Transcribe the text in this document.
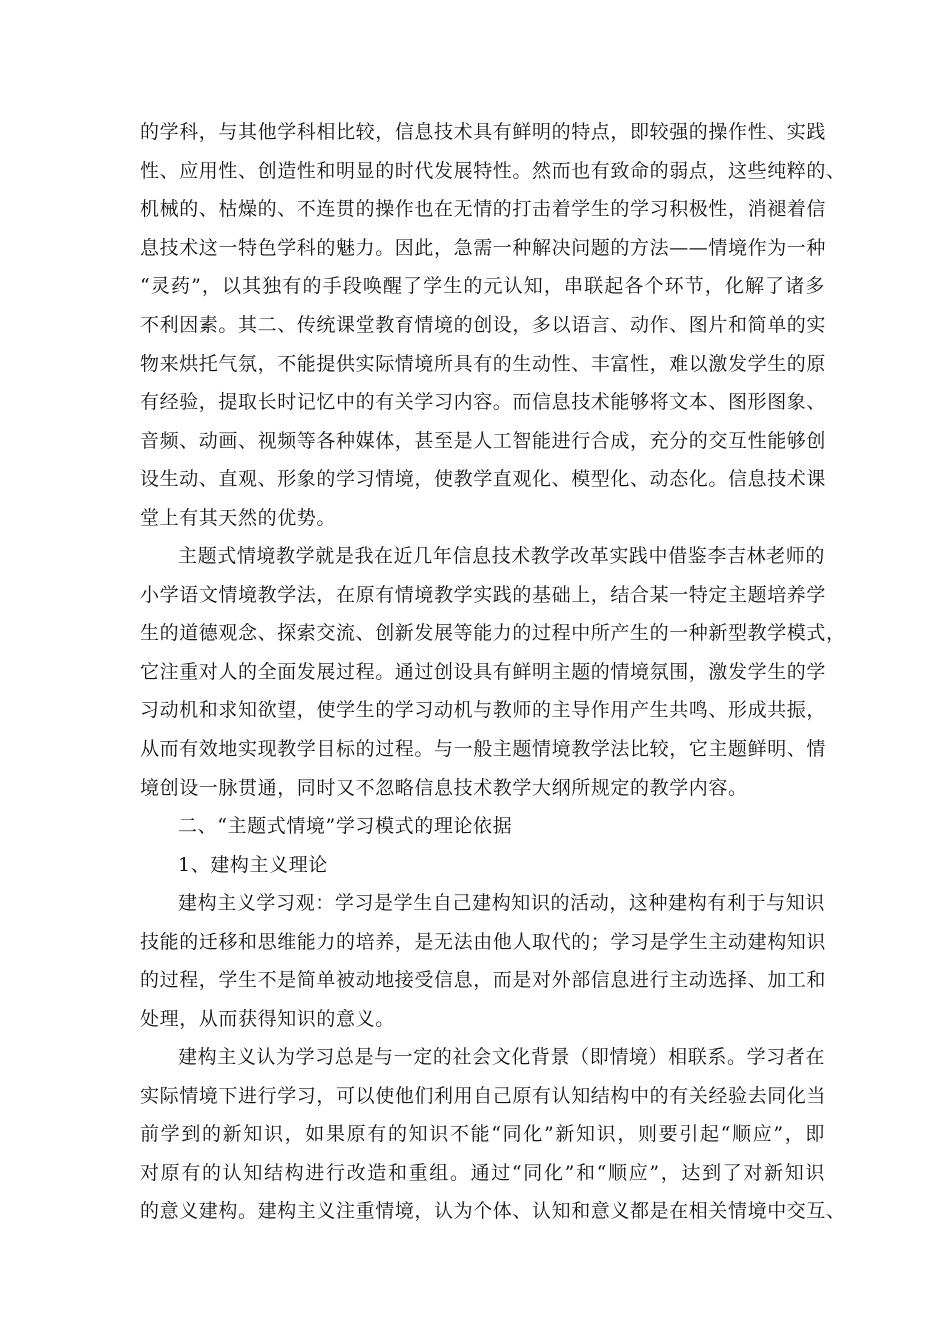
的学科，与其他学科相比较，信息技术具有鲜明的特点，即较强的操作性、实践
性、应用性、创造性和明显的时代发展特性。然而也有致命的弱点，这些纯粹的、
机械的、枯燥的、不连贯的操作也在无情的打击着学生的学习积极性，消褪着信
息技术这一特色学科的魅力。因此，急需一种解决问题的方法——情境作为一种
“灵药”，以其独有的手段唤醒了学生的元认知，串联起各个环节，化解了诸多
不利因素。其二、传统课堂教育情境的创设，多以语言、动作、图片和简单的实
物来烘托气氛，不能提供实际情境所具有的生动性、丰富性，难以激发学生的原
有经验，提取长时记忆中的有关学习内容。而信息技术能够将文本、图形图象、
音频、动画、视频等各种媒体，甚至是人工智能进行合成，充分的交互性能够创
设生动、直观、形象的学习情境，使教学直观化、模型化、动态化。信息技术课
堂上有其天然的优势。
主题式情境教学就是我在近几年信息技术教学改革实践中借鉴李吉林老师的
小学语文情境教学法，在原有情境教学实践的基础上，结合某一特定主题培养学
生的道德观念、探索交流、创新发展等能力的过程中所产生的一种新型教学模式，
它注重对人的全面发展过程。通过创设具有鲜明主题的情境氛围，激发学生的学
习动机和求知欲望，使学生的学习动机与教师的主导作用产生共鸣、形成共振，
从而有效地实现教学目标的过程。与一般主题情境教学法比较，它主题鲜明、情
境创设一脉贯通，同时又不忽略信息技术教学大纲所规定的教学内容。
二、“主题式情境”学习模式的理论依据
1、建构主义理论
建构主义学习观：学习是学生自己建构知识的活动，这种建构有利于与知识
技能的迁移和思维能力的培养，是无法由他人取代的；学习是学生主动建构知识
的过程，学生不是简单被动地接受信息，而是对外部信息进行主动选择、加工和
处理，从而获得知识的意义。
建构主义认为学习总是与一定的社会文化背景（即情境）相联系。学习者在
实际情境下进行学习，可以使他们利用自己原有认知结构中的有关经验去同化当
前学到的新知识，如果原有的知识不能“同化”新知识，则要引起“顺应”，即
对原有的认知结构进行改造和重组。通过“同化”和“顺应”，达到了对新知识
的意义建构。建构主义注重情境，认为个体、认知和意义都是在相关情境中交互、
